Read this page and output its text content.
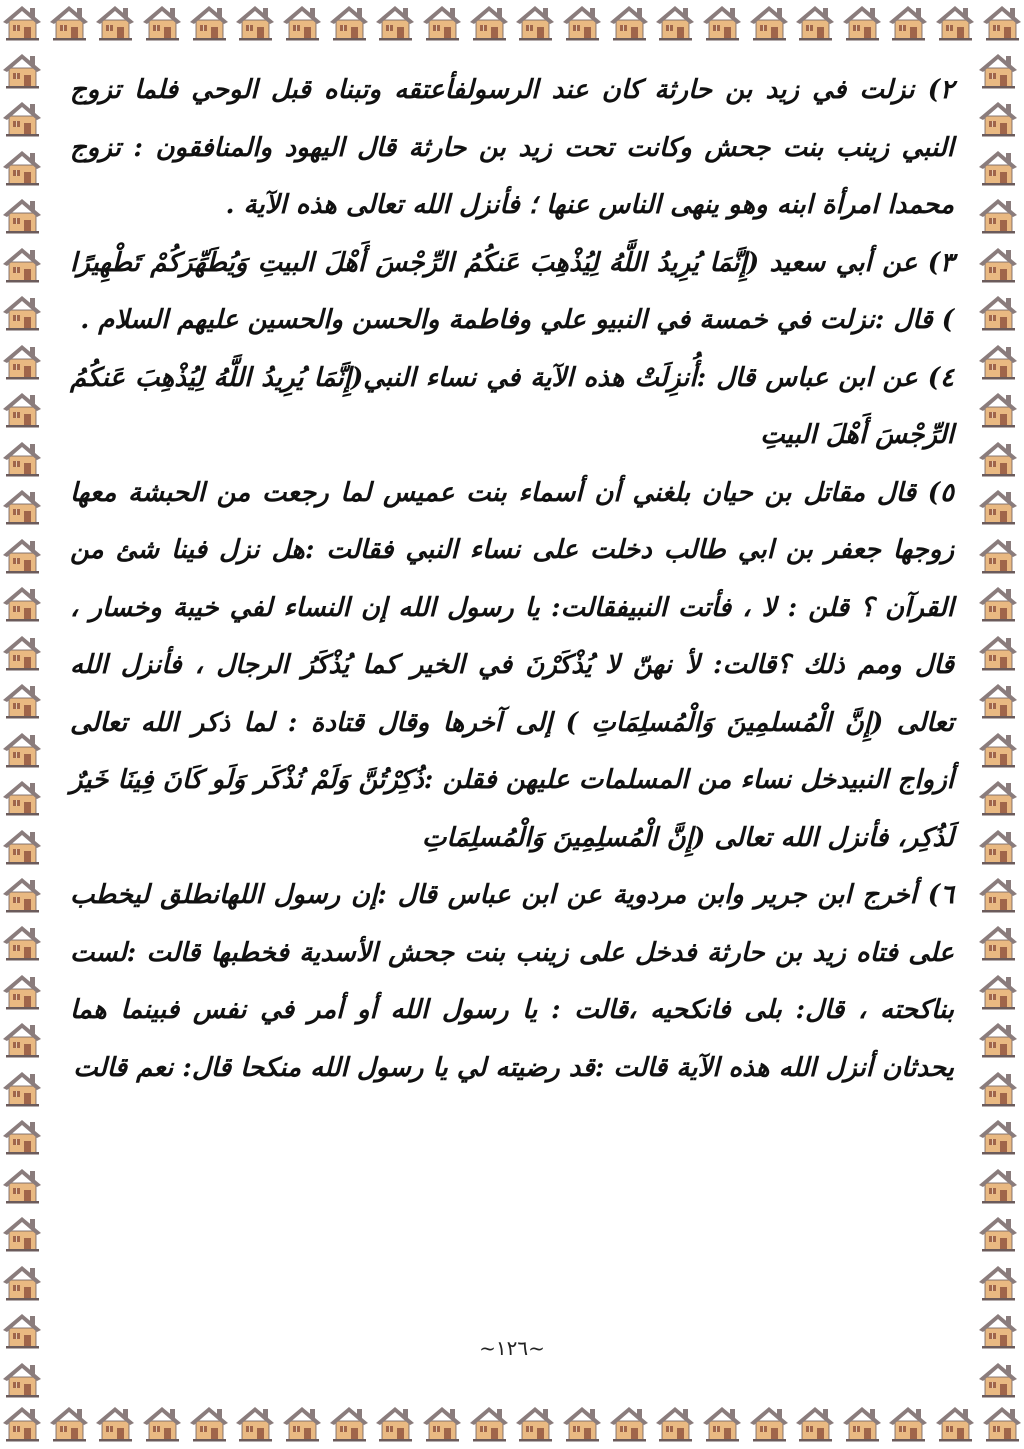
٢) نزلت في زيد بن حارثة كان عند الرسولفأعتقه وتبناه قبل الوحي فلما تزوج النبي زينب بنت جحش وكانت تحت زيد بن حارثة قال اليهود والمنافقون : تزوج محمدا امرأة ابنه وهو ينهى الناس عنها ؛ فأنزل الله تعالى هذه الآية .

٣) عن أبي سعيد (إِنَّمَا يُرِيدُ اللَّهُ لِيُذْهِبَ عَنكُمُ الرِّجْسَ أَهْلَ البيتِ وَيُطَهِّرَكُمْ تَطْهِيرًا ) قال :نزلت في خمسة في النبيو علي وفاطمة والحسن والحسين عليهم السلام .

٤) عن ابن عباس قال :أُنزِلَتْ هذه الآية في نساء النبي(إِنَّمَا يُرِيدُ اللَّهُ لِيُذْهِبَ عَنكُمُ الرِّجْسَ أَهْلَ البيتِ

٥) قال مقاتل بن حيان بلغني أن أسماء بنت عميس لما رجعت من الحبشة معها زوجها جعفر بن ابي طالب دخلت على نساء النبي فقالت :هل نزل فينا شئ من القرآن ؟ قلن : لا ، فأتت النبيفقالت: يا رسول الله إن النساء لفي خيبة وخسار ، قال ومم ذلك ؟قالت: لأ نهنّ لا يُذْكَرْنَ في الخير كما يُذْكَرُ الرجال ، فأنزل الله تعالى (إِنَّ الْمُسلمِينَ وَالْمُسلِمَاتِ ) إلى آخرها وقال قتادة : لما ذكر الله تعالى أزواج النبيدخل نساء من المسلمات عليهن فقلن :ذُكِرْتُنَّ وَلَمْ نُذْكَر وَلَو كَانَ فِينَا خَيرٌ لَذُكِر، فأنزل الله تعالى (إِنَّ الْمُسلِمِينَ وَالْمُسلِمَاتِ

٦) أخرج ابن جرير وابن مردوية عن ابن عباس قال :إن رسول اللهانطلق ليخطب على فتاه زيد بن حارثة فدخل على زينب بنت جحش الأسدية فخطبها قالت :لست بناكحته ، قال: بلى فانكحيه ،قالت : يا رسول الله أو أمر في نفس فبينما هما يحدثان أنزل الله هذه الآية قالت :قد رضيته لي يا رسول الله منكحا قال: نعم قالت

~١٢٦~
